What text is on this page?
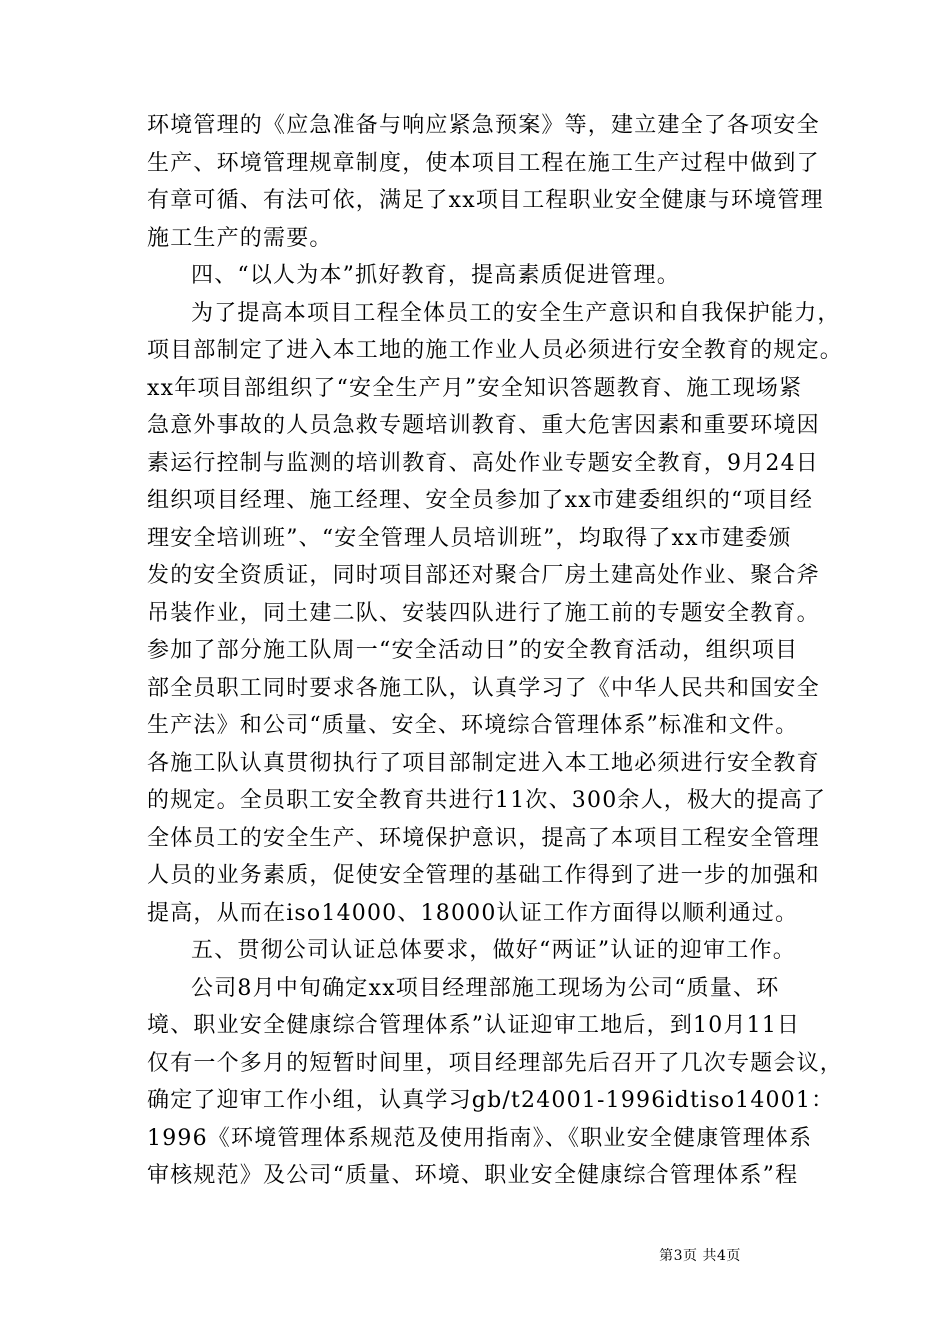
环境管理的《应急准备与响应紧急预案》等，建立建全了各项安全
生产、环境管理规章制度，使本项目工程在施工生产过程中做到了
有章可循、有法可依，满足了xx项目工程职业安全健康与环境管理
施工生产的需要。
四、“以人为本”抓好教育，提高素质促进管理。
为了提高本项目工程全体员工的安全生产意识和自我保护能力，
项目部制定了进入本工地的施工作业人员必须进行安全教育的规定。
xx年项目部组织了“安全生产月”安全知识答题教育、施工现场紧
急意外事故的人员急救专题培训教育、重大危害因素和重要环境因
素运行控制与监测的培训教育、高处作业专题安全教育，9月24日
组织项目经理、施工经理、安全员参加了xx市建委组织的“项目经
理安全培训班”、“安全管理人员培训班”，均取得了xx市建委颁
发的安全资质证，同时项目部还对聚合厂房土建高处作业、聚合斧
吊装作业，同土建二队、安装四队进行了施工前的专题安全教育。
参加了部分施工队周一“安全活动日”的安全教育活动，组织项目
部全员职工同时要求各施工队，认真学习了《中华人民共和国安全
生产法》和公司“质量、安全、环境综合管理体系”标准和文件。
各施工队认真贯彻执行了项目部制定进入本工地必须进行安全教育
的规定。全员职工安全教育共进行11次、300余人，极大的提高了
全体员工的安全生产、环境保护意识，提高了本项目工程安全管理
人员的业务素质，促使安全管理的基础工作得到了进一步的加强和
提高，从而在iso14000、18000认证工作方面得以顺利通过。
五、贯彻公司认证总体要求，做好“两证”认证的迎审工作。
公司8月中旬确定xx项目经理部施工现场为公司“质量、环
境、职业安全健康综合管理体系”认证迎审工地后，到10月11日
仅有一个多月的短暂时间里，项目经理部先后召开了几次专题会议，
确定了迎审工作小组，认真学习gb/t24001-1996idtiso14001：
1996《环境管理体系规范及使用指南》、《职业安全健康管理体系
审核规范》及公司“质量、环境、职业安全健康综合管理体系”程
第3页 共4页
